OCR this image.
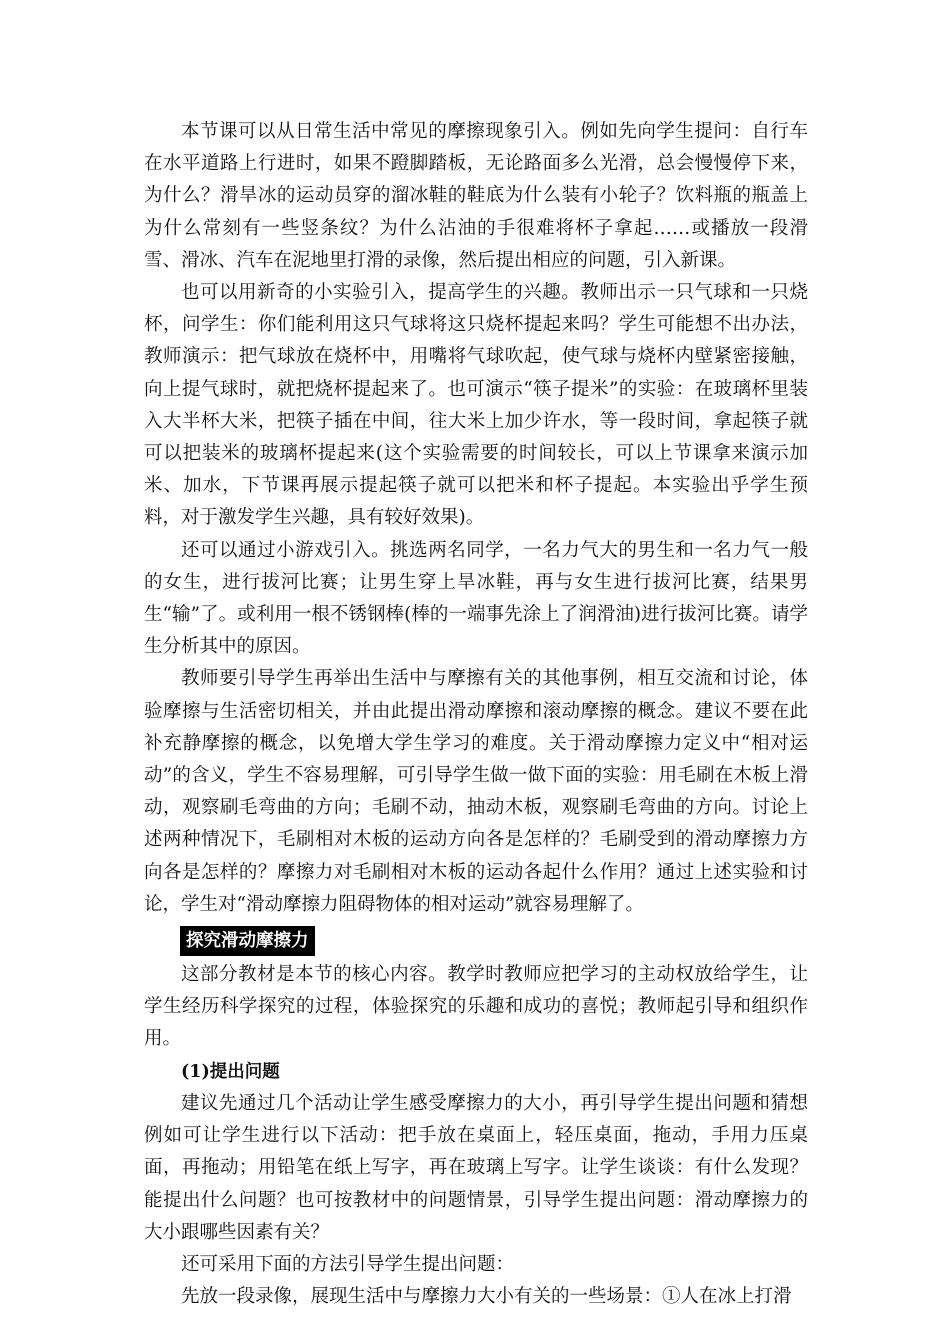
本节课可以从日常生活中常见的摩擦现象引入。例如先向学生提问：自行车在水平道路上行进时，如果不蹬脚踏板，无论路面多么光滑，总会慢慢停下来，为什么？滑旱冰的运动员穿的溜冰鞋的鞋底为什么装有小轮子？饮料瓶的瓶盖上为什么常刻有一些竖条纹？为什么沾油的手很难将杯子拿起……或播放一段滑雪、滑冰、汽车在泥地里打滑的录像，然后提出相应的问题，引入新课。

也可以用新奇的小实验引入，提高学生的兴趣。教师出示一只气球和一只烧杯，问学生：你们能利用这只气球将这只烧杯提起来吗？学生可能想不出办法，教师演示：把气球放在烧杯中，用嘴将气球吹起，使气球与烧杯内壁紧密接触，向上提气球时，就把烧杯提起来了。也可演示“筷子提米”的实验：在玻璃杯里装入大半杯大米，把筷子插在中间，往大米上加少许水，等一段时间，拿起筷子就可以把装米的玻璃杯提起来(这个实验需要的时间较长，可以上节课拿来演示加米、加水，下节课再展示提起筷子就可以把米和杯子提起。本实验出乎学生预料，对于激发学生兴趣，具有较好效果)。

还可以通过小游戏引入。挑选两名同学，一名力气大的男生和一名力气一般的女生，进行拔河比赛；让男生穿上旱冰鞋，再与女生进行拔河比赛，结果男生“输”了。或利用一根不锈钢棒(棒的一端事先涂上了润滑油)进行拔河比赛。请学生分析其中的原因。

教师要引导学生再举出生活中与摩擦有关的其他事例，相互交流和讨论，体验摩擦与生活密切相关，并由此提出滑动摩擦和滚动摩擦的概念。建议不要在此补充静摩擦的概念，以免增大学生学习的难度。关于滑动摩擦力定义中“相对运动”的含义，学生不容易理解，可引导学生做一做下面的实验：用毛刷在木板上滑动，观察刷毛弯曲的方向；毛刷不动，抽动木板，观察刷毛弯曲的方向。讨论上述两种情况下，毛刷相对木板的运动方向各是怎样的？毛刷受到的滑动摩擦力方向各是怎样的？摩擦力对毛刷相对木板的运动各起什么作用？通过上述实验和讨论，学生对“滑动摩擦力阻碍物体的相对运动”就容易理解了。

探究滑动摩擦力

这部分教材是本节的核心内容。教学时教师应把学习的主动权放给学生，让学生经历科学探究的过程，体验探究的乐趣和成功的喜悦；教师起引导和组织作用。

(1)提出问题

建议先通过几个活动让学生感受摩擦力的大小，再引导学生提出问题和猜想例如可让学生进行以下活动：把手放在桌面上，轻压桌面，拖动，手用力压桌面，再拖动；用铅笔在纸上写字，再在玻璃上写字。让学生谈谈：有什么发现？能提出什么问题？也可按教材中的问题情景，引导学生提出问题：滑动摩擦力的大小跟哪些因素有关？

还可采用下面的方法引导学生提出问题：

先放一段录像，展现生活中与摩擦力大小有关的一些场景：①人在冰上打滑
